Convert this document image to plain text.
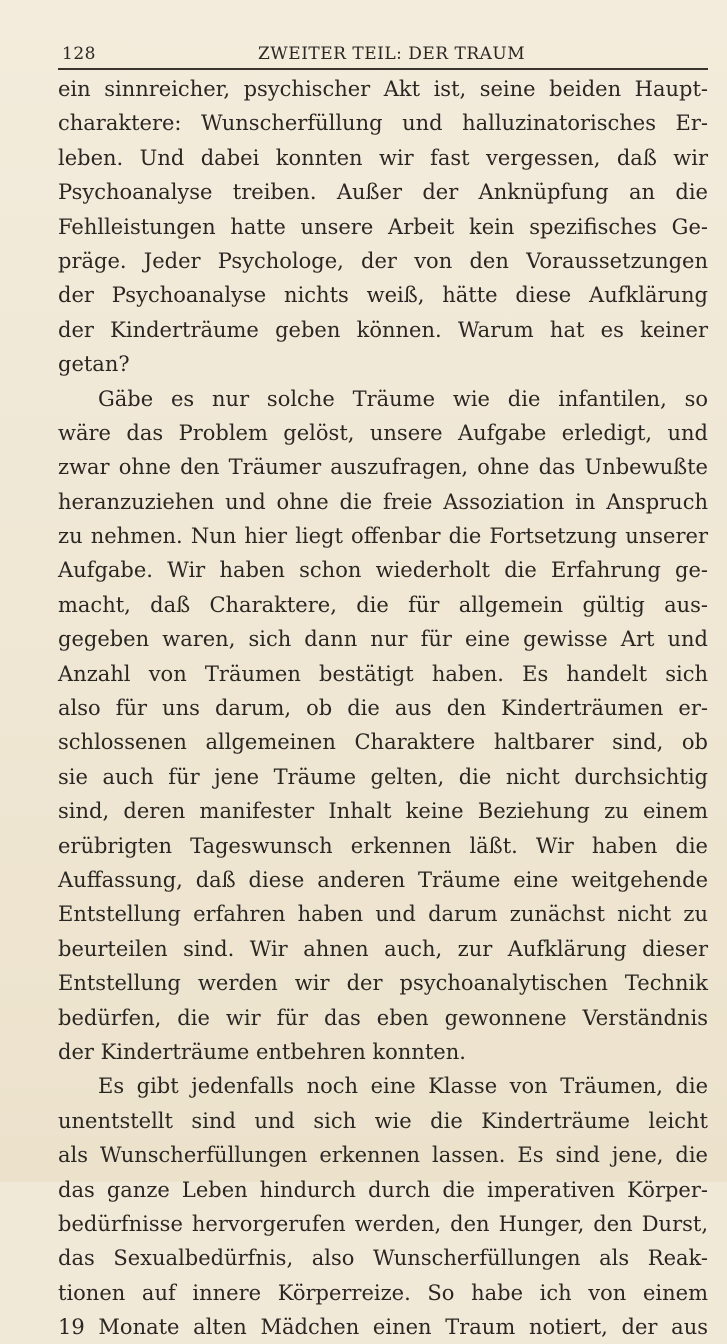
128	ZWEITER TEIL: DER TRAUM
ein sinnreicher, psychischer Akt ist, seine beiden Haupt-
charaktere: Wunscherfüllung und halluzinatorisches Er-
leben. Und dabei konnten wir fast vergessen, daß wir
Psychoanalyse treiben. Außer der Anknüpfung an die
Fehlleistungen hatte unsere Arbeit kein spezifisches Ge-
präge. Jeder Psychologe, der von den Voraussetzungen
der Psychoanalyse nichts weiß, hätte diese Aufklärung
der Kinderträume geben können. Warum hat es keiner
getan?
Gäbe es nur solche Träume wie die infantilen, so
wäre das Problem gelöst, unsere Aufgabe erledigt, und
zwar ohne den Träumer auszufragen, ohne das Unbewußte
heranzuziehen und ohne die freie Assoziation in Anspruch
zu nehmen. Nun hier liegt offenbar die Fortsetzung unserer
Aufgabe. Wir haben schon wiederholt die Erfahrung ge-
macht, daß Charaktere, die für allgemein gültig aus-
gegeben waren, sich dann nur für eine gewisse Art und
Anzahl von Träumen bestätigt haben. Es handelt sich
also für uns darum, ob die aus den Kinderträumen er-
schlossenen allgemeinen Charaktere haltbarer sind, ob
sie auch für jene Träume gelten, die nicht durchsichtig
sind, deren manifester Inhalt keine Beziehung zu einem
erübrigten Tageswunsch erkennen läßt. Wir haben die
Auffassung, daß diese anderen Träume eine weitgehende
Entstellung erfahren haben und darum zunächst nicht zu
beurteilen sind. Wir ahnen auch, zur Aufklärung dieser
Entstellung werden wir der psychoanalytischen Technik
bedürfen, die wir für das eben gewonnene Verständnis
der Kinderträume entbehren konnten.
Es gibt jedenfalls noch eine Klasse von Träumen, die
unentstellt sind und sich wie die Kinderträume leicht
als Wunscherfüllungen erkennen lassen. Es sind jene, die
das ganze Leben hindurch durch die imperativen Körper-
bedürfnisse hervorgerufen werden, den Hunger, den Durst,
das Sexualbedürfnis, also Wunscherfüllungen als Reak-
tionen auf innere Körperreize. So habe ich von einem
19 Monate alten Mädchen einen Traum notiert, der aus
